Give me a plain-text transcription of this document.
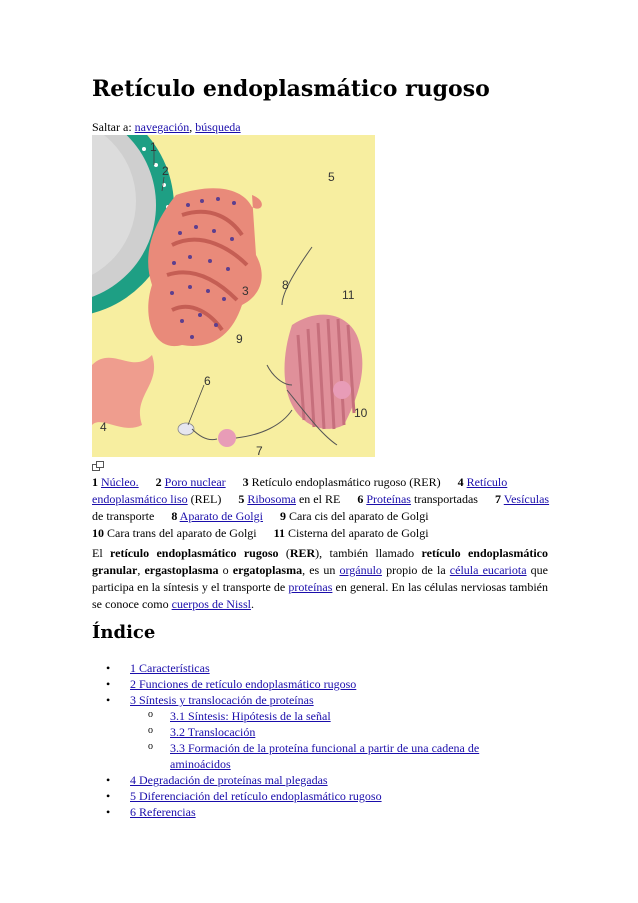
Retículo endoplasmático rugoso
Saltar a: navegación, búsqueda
1
2
3
4
5
6
7
8
9
10
11
1 Núcleo. 2 Poro nuclear 3 Retículo endoplasmático rugoso (RER) 4 Retículo endoplasmático liso (REL) 5 Ribosoma en el RE 6 Proteínas transportadas 7 Vesículas de transporte 8 Aparato de Golgi 9 Cara cis del aparato de Golgi
10 Cara trans del aparato de Golgi 11 Cisterna del aparato de Golgi

El retículo endoplasmático rugoso (RER), también llamado retículo endoplasmático granular, ergastoplasma o ergatoplasma, es un orgánulo propio de la célula eucariota que participa en la síntesis y el transporte de proteínas en general. En las células nerviosas también se conoce como cuerpos de Nissl.

Índice
• 1 Características
• 2 Funciones de retículo endoplasmático rugoso
• 3 Síntesis y translocación de proteínas
o 3.1 Síntesis: Hipótesis de la señal
o 3.2 Translocación
o 3.3 Formación de la proteína funcional a partir de una cadena de aminoácidos
• 4 Degradación de proteínas mal plegadas
• 5 Diferenciación del retículo endoplasmático rugoso
• 6 Referencias
